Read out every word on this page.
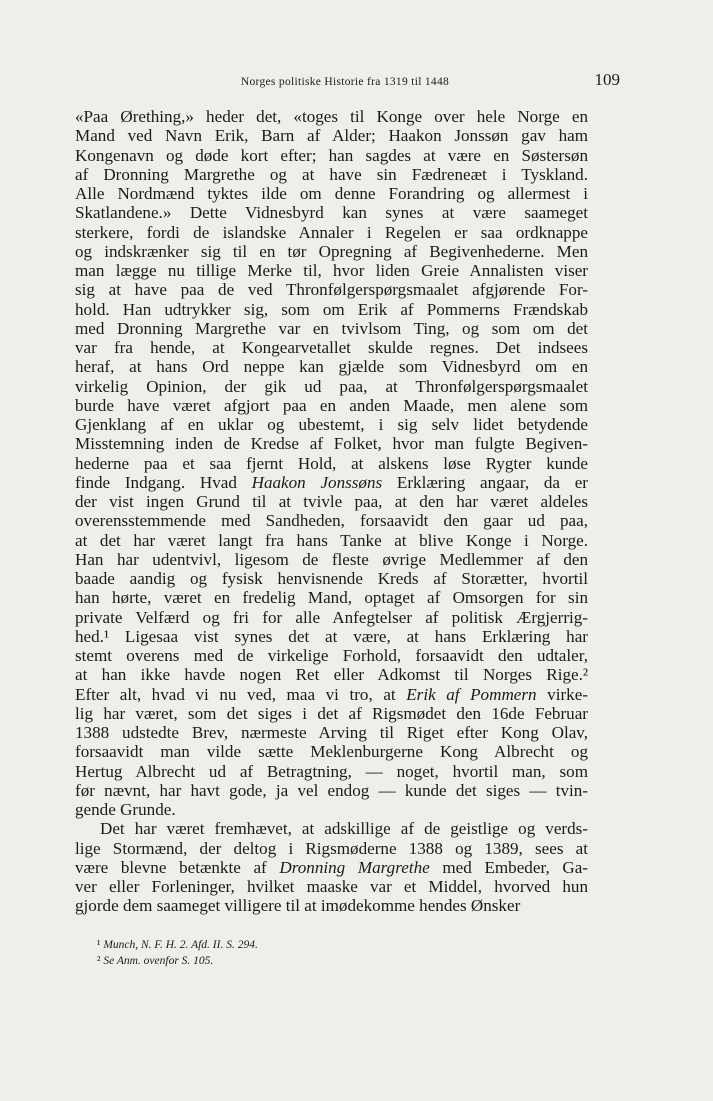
Norges politiske Historie fra 1319 til 1448	109
«Paa Ørething,» heder det, «toges til Konge over hele Norge en
Mand ved Navn Erik, Barn af Alder; Haakon Jonssøn gav ham
Kongenavn og døde kort efter; han sagdes at være en Søstersøn
af Dronning Margrethe og at have sin Fædreneæt i Tyskland.
Alle Nordmænd tyktes ilde om denne Forandring og allermest i
Skatlandene.» Dette Vidnesbyrd kan synes at være saameget
sterkere, fordi de islandske Annaler i Regelen er saa ordknappe
og indskrænker sig til en tør Opregning af Begivenhederne. Men
man lægge nu tillige Merke til, hvor liden Greie Annalisten viser
sig at have paa de ved Thronfølgerspørgsmaalet afgjørende For-
hold. Han udtrykker sig, som om Erik af Pommerns Frændskab
med Dronning Margrethe var en tvivlsom Ting, og som om det
var fra hende, at Kongearvetallet skulde regnes. Det indsees
heraf, at hans Ord neppe kan gjælde som Vidnesbyrd om en
virkelig Opinion, der gik ud paa, at Thronfølgerspørgsmaalet
burde have været afgjort paa en anden Maade, men alene som
Gjenklang af en uklar og ubestemt, i sig selv lidet betydende
Misstemning inden de Kredse af Folket, hvor man fulgte Begiven-
hederne paa et saa fjernt Hold, at alskens løse Rygter kunde
finde Indgang. Hvad Haakon Jonssøns Erklæring angaar, da er
der vist ingen Grund til at tvivle paa, at den har været aldeles
overensstemmende med Sandheden, forsaavidt den gaar ud paa,
at det har været langt fra hans Tanke at blive Konge i Norge.
Han har udentvivl, ligesom de fleste øvrige Medlemmer af den
baade aandig og fysisk henvisnende Kreds af Storætter, hvortil
han hørte, været en fredelig Mand, optaget af Omsorgen for sin
private Velfærd og fri for alle Anfegtelser af politisk Ærgjerrig-
hed.¹ Ligesaa vist synes det at være, at hans Erklæring har
stemt overens med de virkelige Forhold, forsaavidt den udtaler,
at han ikke havde nogen Ret eller Adkomst til Norges Rige.²
Efter alt, hvad vi nu ved, maa vi tro, at Erik af Pommern virke-
lig har været, som det siges i det af Rigsmødet den 16de Februar
1388 udstedte Brev, nærmeste Arving til Riget efter Kong Olav,
forsaavidt man vilde sætte Meklenburgerne Kong Albrecht og
Hertug Albrecht ud af Betragtning, — noget, hvortil man, som
før nævnt, har havt gode, ja vel endog — kunde det siges — tvin-
gende Grunde.
Det har været fremhævet, at adskillige af de geistlige og verds-
lige Stormænd, der deltog i Rigsmøderne 1388 og 1389, sees at
være blevne betænkte af Dronning Margrethe med Embeder, Ga-
ver eller Forleninger, hvilket maaske var et Middel, hvorved hun
gjorde dem saameget villigere til at imødekomme hendes Ønsker
¹ Munch, N. F. H. 2. Afd. II. S. 294.
² Se Anm. ovenfor S. 105.
